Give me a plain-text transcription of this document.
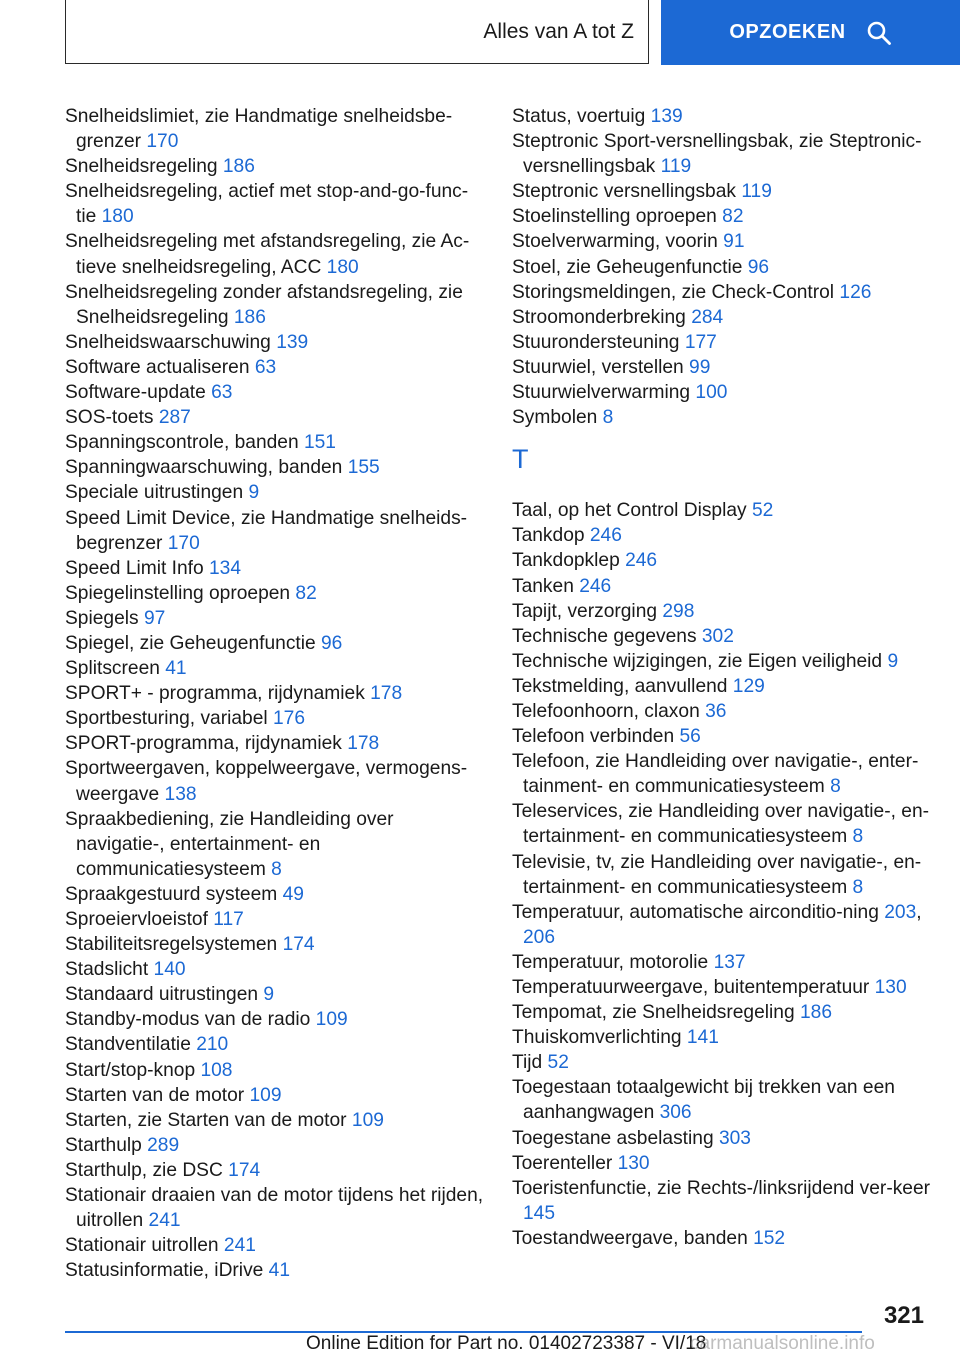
Alles van A tot Z	OPZOEKEN
Snelheidslimiet, zie Handmatige snelheidsbe-grenzer 170
Snelheidsregeling 186
Snelheidsregeling, actief met stop-and-go-func-tie 180
Snelheidsregeling met afstandsregeling, zie Ac-tieve snelheidsregeling, ACC 180
Snelheidsregeling zonder afstandsregeling, zie Snelheidsregeling 186
Snelheidswaarschuwing 139
Software actualiseren 63
Software-update 63
SOS-toets 287
Spanningscontrole, banden 151
Spanningwaarschuwing, banden 155
Speciale uitrustingen 9
Speed Limit Device, zie Handmatige snelheids-begrenzer 170
Speed Limit Info 134
Spiegelinstelling oproepen 82
Spiegels 97
Spiegel, zie Geheugenfunctie 96
Splitscreen 41
SPORT+ - programma, rijdynamiek 178
Sportbesturing, variabel 176
SPORT-programma, rijdynamiek 178
Sportweergaven, koppelweergave, vermogens-weergave 138
Spraakbediening, zie Handleiding over navigatie-, entertainment- en communicatiesysteem 8
Spraakgestuurd systeem 49
Sproeiervloeistof 117
Stabiliteitsregelsystemen 174
Stadslicht 140
Standaard uitrustingen 9
Standby-modus van de radio 109
Standventilatie 210
Start/stop-knop 108
Starten van de motor 109
Starten, zie Starten van de motor 109
Starthulp 289
Starthulp, zie DSC 174
Stationair draaien van de motor tijdens het rijden, uitrollen 241
Stationair uitrollen 241
Statusinformatie, iDrive 41
Status, voertuig 139
Steptronic Sport-versnellingsbak, zie Steptronic-versnellingsbak 119
Steptronic versnellingsbak 119
Stoelinstelling oproepen 82
Stoelverwarming, voorin 91
Stoel, zie Geheugenfunctie 96
Storingsmeldingen, zie Check-Control 126
Stroomonderbreking 284
Stuurondersteuning 177
Stuurwiel, verstellen 99
Stuurwielverwarming 100
Symbolen 8
T
Taal, op het Control Display 52
Tankdop 246
Tankdopklep 246
Tanken 246
Tapijt, verzorging 298
Technische gegevens 302
Technische wijzigingen, zie Eigen veiligheid 9
Tekstmelding, aanvullend 129
Telefoonhoorn, claxon 36
Telefoon verbinden 56
Telefoon, zie Handleiding over navigatie-, enter-tainment- en communicatiesysteem 8
Teleservices, zie Handleiding over navigatie-, en-tertainment- en communicatiesysteem 8
Televisie, tv, zie Handleiding over navigatie-, en-tertainment- en communicatiesysteem 8
Temperatuur, automatische airconditio-ning 203, 206
Temperatuur, motorolie 137
Temperatuurweergave, buitentemperatuur 130
Tempomat, zie Snelheidsregeling 186
Thuiskomverlichting 141
Tijd 52
Toegestaan totaalgewicht bij trekken van een aanhangwagen 306
Toegestane asbelasting 303
Toerenteller 130
Toeristenfunctie, zie Rechts-/linksrijdend ver-keer 145
Toestandweergave, banden 152
321
Online Edition for Part no. 01402723387 - VI/18
carmanualsonline.info
